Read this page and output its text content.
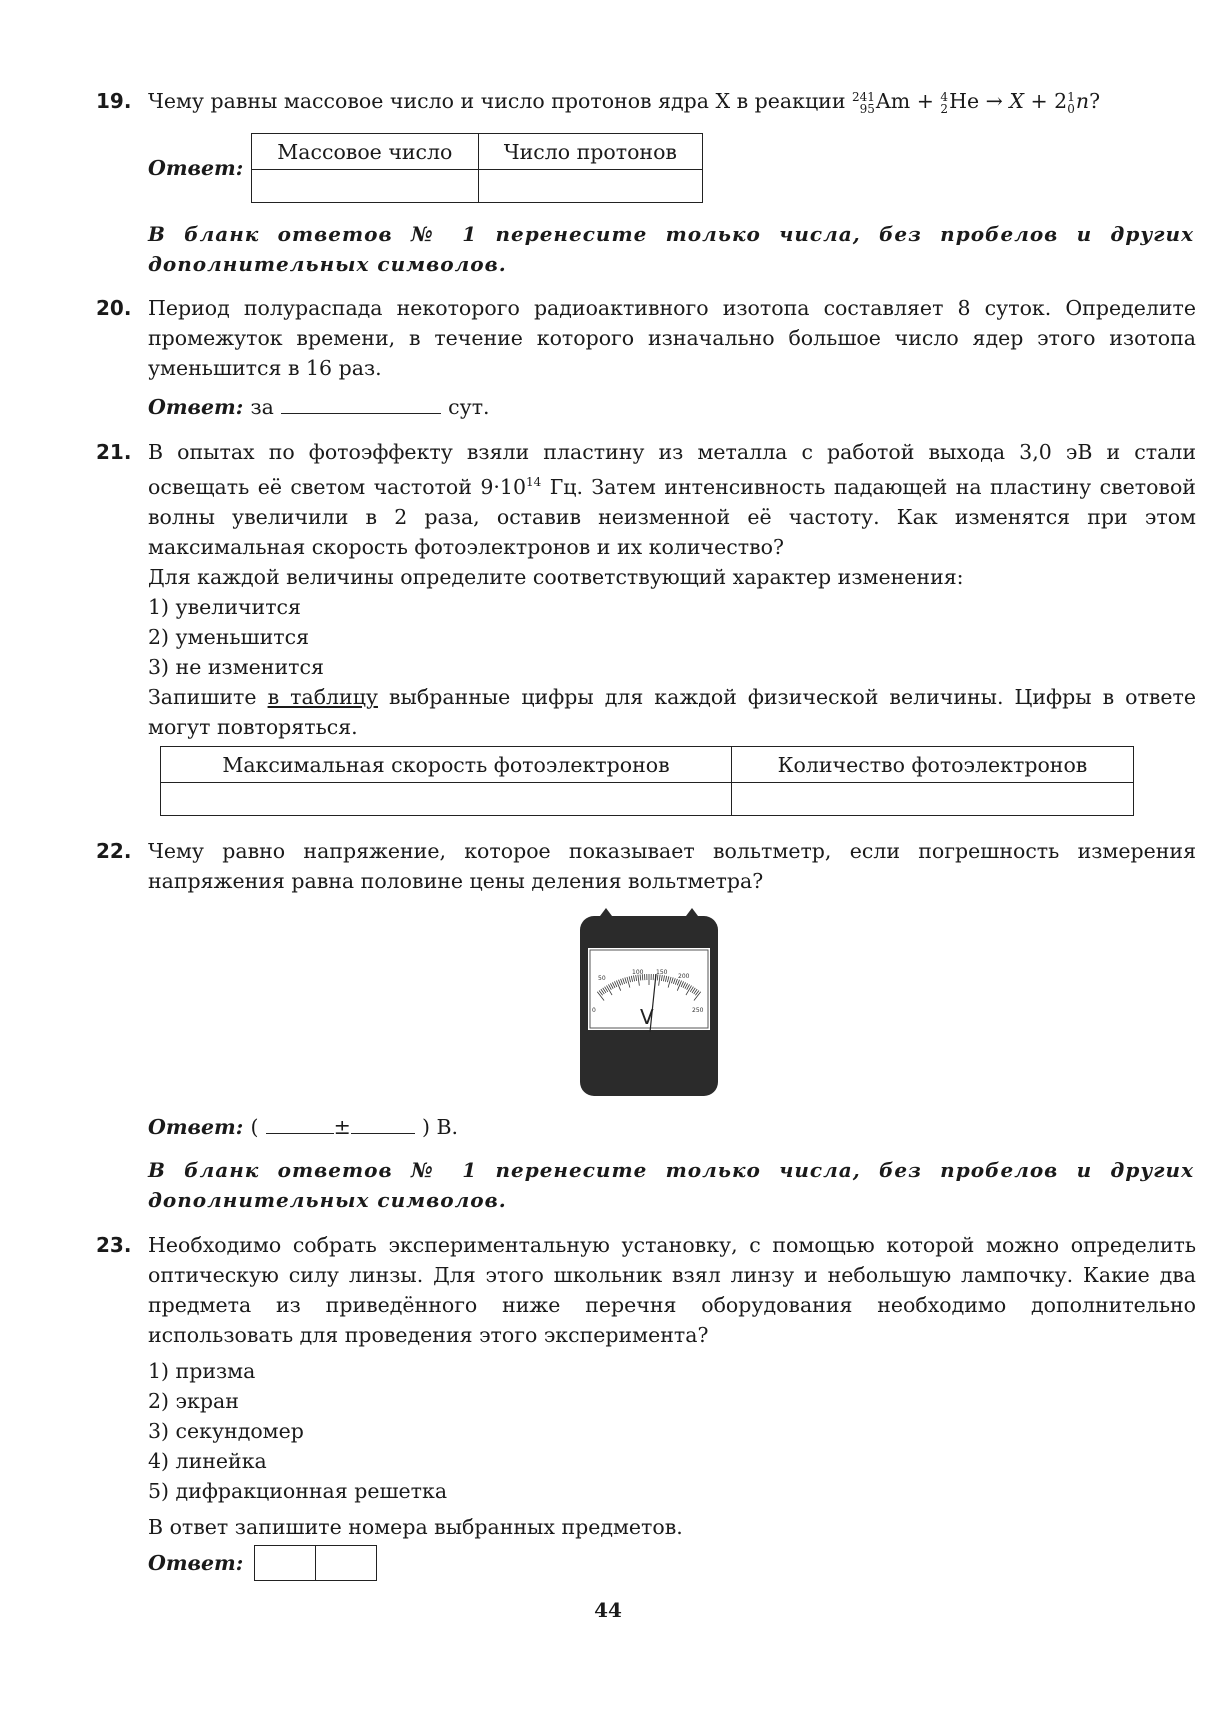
19. Чему равны массовое число и число протонов ядра X в реакции 241
95Am + 4
2He → X + 21
0n?
Ответ:
Массовое число	Число протонов

В бланк ответов № 1 перенесите только числа, без пробелов и других дополнительных символов.
20. Период полураспада некоторого радиоактивного изотопа составляет 8 суток. Определите промежуток времени, в течение которого изначально большое число ядер этого изотопа уменьшится в 16 раз.
Ответ: за	сут.
21. В опытах по фотоэффекту взяли пластину из металла с работой выхода 3,0 эВ и стали освещать её светом частотой $9\cdot 10^{14}$ Гц. Затем интенсивность падающей на пластину световой волны увеличили в 2 раза, оставив неизменной её частоту. Как изменятся при этом максимальная скорость фотоэлектронов и их количество?
Для каждой величины определите соответствующий характер изменения:
1) увеличится
2) уменьшится
3) не изменится
Запишите в таблицу выбранные цифры для каждой физической величины. Цифры в ответе могут повторяться.
Максимальная скорость фотоэлектронов	Количество фотоэлектронов

22. Чему равно напряжение, которое показывает вольтметр, если погрешность измерения напряжения равна половине цены деления вольтметра?
50
100 150
200
0	250
V
Ответ: (	±	) В.
В бланк ответов № 1 перенесите только числа, без пробелов и других дополнительных символов.
23. Необходимо собрать экспериментальную установку, с помощью которой можно определить оптическую силу линзы. Для этого школьник взял линзу и небольшую лампочку. Какие два предмета из приведённого ниже перечня оборудования необходимо дополнительно использовать для проведения этого эксперимента?
1) призма
2) экран
3) секундомер
4) линейка
5) дифракционная решетка
В ответ запишите номера выбранных предметов.
Ответ:
44
